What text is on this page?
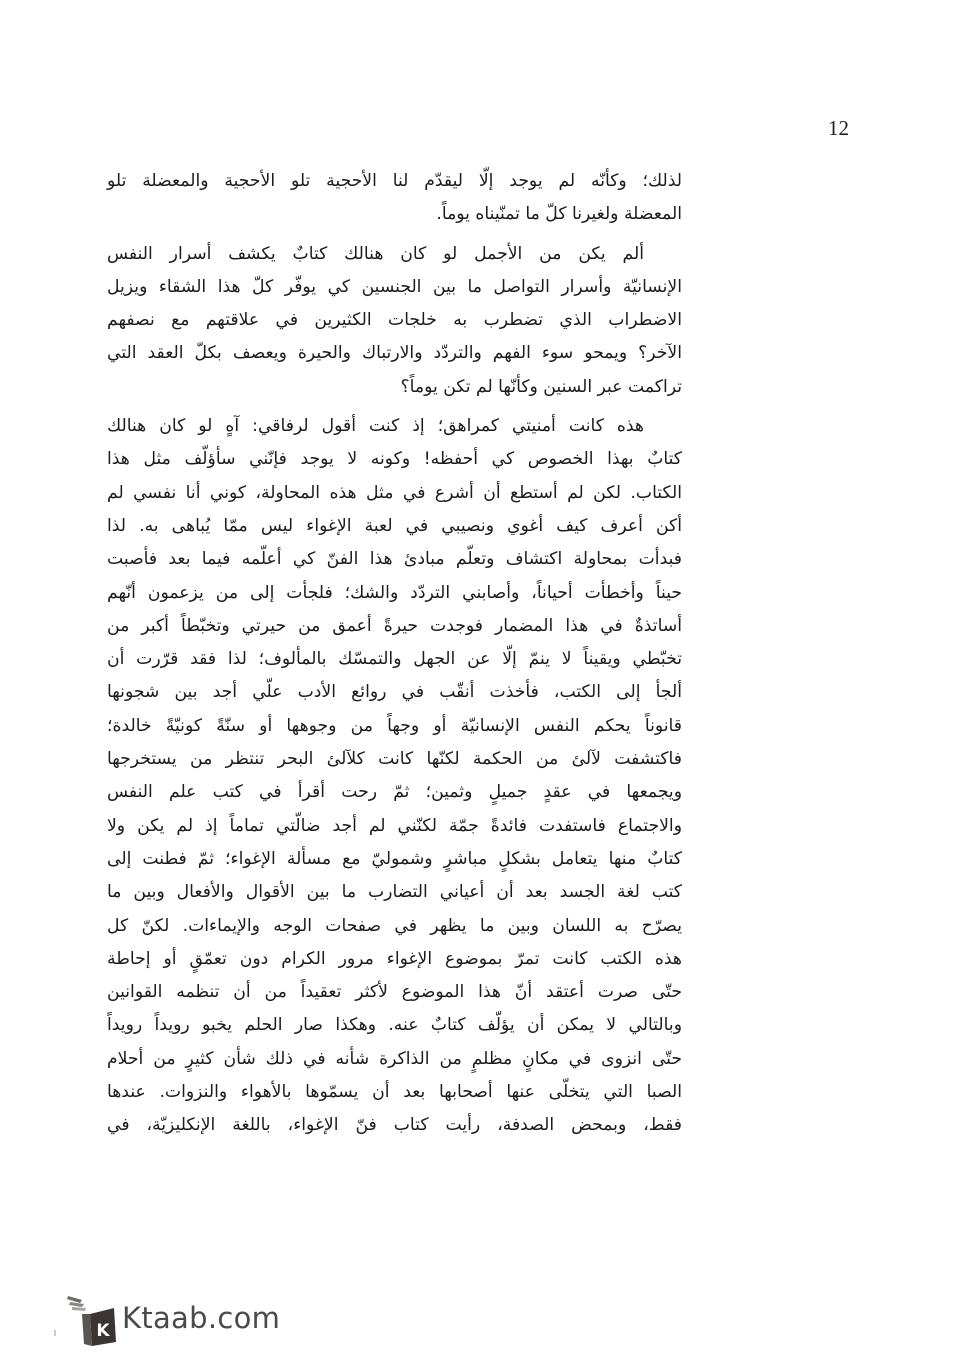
12

لذلك؛ وكأنّه لم يوجد إلّا ليقدّم لنا الأحجية تلو الأحجية والمعضلة تلو
المعضلة ولغيرنا كلّ ما تمنّيناه يوماً.

ألم يكن من الأجمل لو كان هنالك كتابٌ يكشف أسرار النفس
الإنسانيّة وأسرار التواصل ما بين الجنسين كي يوفّر كلّ هذا الشقاء ويزيل
الاضطراب الذي تضطرب به خلجات الكثيرين في علاقتهم مع نصفهم
الآخر؟ ويمحو سوء الفهم والتردّد والارتباك والحيرة ويعصف بكلّ العقد التي
تراكمت عبر السنين وكأنّها لم تكن يوماً؟

هذه كانت أمنيتي كمراهق؛ إذ كنت أقول لرفاقي: آهٍ لو كان هنالك
كتابٌ بهذا الخصوص كي أحفظه! وكونه لا يوجد فإنّني سأؤلّف مثل هذا
الكتاب. لكن لم أستطع أن أشرع في مثل هذه المحاولة، كوني أنا نفسي لم
أكن أعرف كيف أغوي ونصيبي في لعبة الإغواء ليس ممّا يُباهى به. لذا
فبدأت بمحاولة اكتشاف وتعلّم مبادئ هذا الفنّ كي أعلّمه فيما بعد فأصبت
حيناً وأخطأت أحياناً، وأصابني التردّد والشك؛ فلجأت إلى من يزعمون أنّهم
أساتذةٌ في هذا المضمار فوجدت حيرةً أعمق من حيرتي وتخبّطاً أكبر من
تخبّطي ويقيناً لا ينمّ إلّا عن الجهل والتمسّك بالمألوف؛ لذا فقد قرّرت أن
ألجأ إلى الكتب، فأخذت أنقّب في روائع الأدب علّي أجد بين شجونها
قانوناً يحكم النفس الإنسانيّة أو وجهاً من وجوهها أو سنّةً كونيّةً خالدة؛
فاكتشفت لآلئ من الحكمة لكنّها كانت كلآلئ البحر تنتظر من يستخرجها
ويجمعها في عقدٍ جميلٍ وثمين؛ ثمّ رحت أقرأ في كتب علم النفس
والاجتماع فاستفدت فائدةً جمّة لكنّني لم أجد ضالّتي تماماً إذ لم يكن ولا
كتابٌ منها يتعامل بشكلٍ مباشرٍ وشموليّ مع مسألة الإغواء؛ ثمّ فطنت إلى
كتب لغة الجسد بعد أن أعياني التضارب ما بين الأقوال والأفعال وبين ما
يصرّح به اللسان وبين ما يظهر في صفحات الوجه والإيماءات. لكنّ كل
هذه الكتب كانت تمرّ بموضوع الإغواء مرور الكرام دون تعمّقٍ أو إحاطة
حتّى صرت أعتقد أنّ هذا الموضوع لأكثر تعقيداً من أن تنظمه القوانين
وبالتالي لا يمكن أن يؤلّف كتابٌ عنه. وهكذا صار الحلم يخبو رويداً رويداً
حتّى انزوى في مكانٍ مظلمٍ من الذاكرة شأنه في ذلك شأن كثيرٍ من أحلام
الصبا التي يتخلّى عنها أصحابها بعد أن يسمّوها بالأهواء والنزوات. عندها
فقط، وبمحض الصدفة، رأيت كتاب فنّ الإغواء، باللغة الإنكليزيّة، في

K Ktaab.com
